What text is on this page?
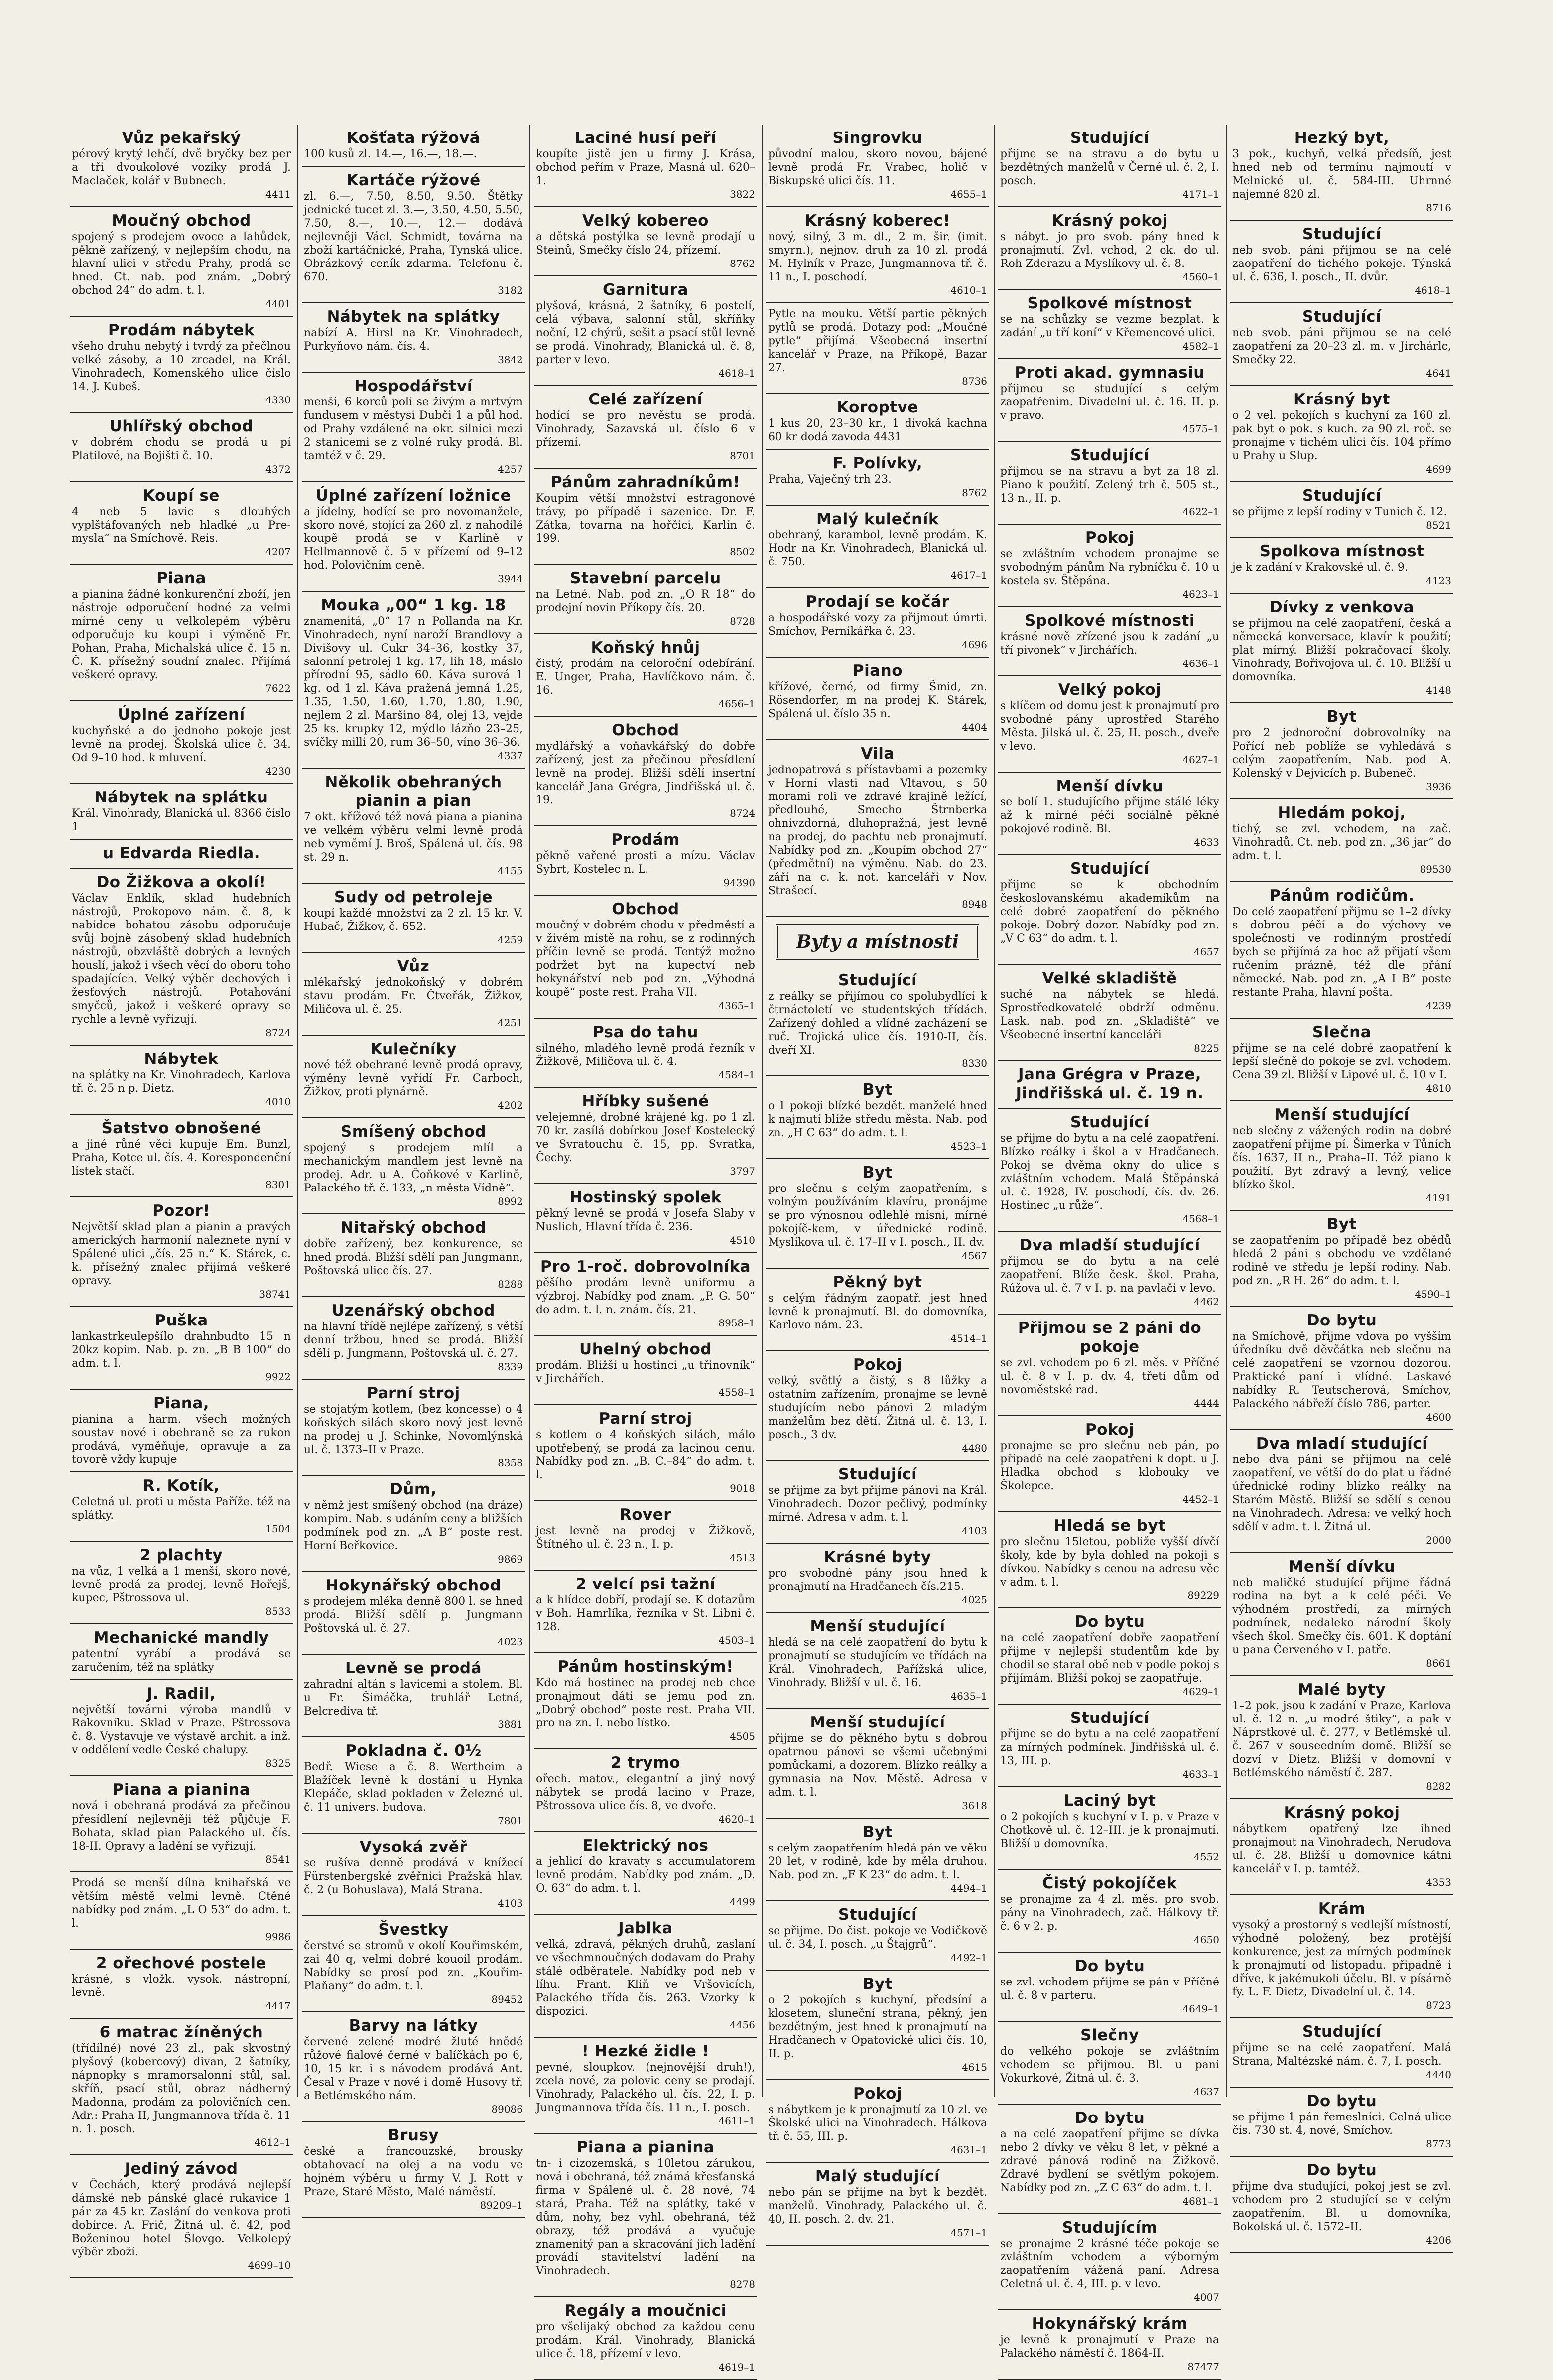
Vůz pekařský
pérový krytý lehčí, dvě bryčky bez per a tři dvoukolové vozíky prodá J. Maclaček, kolář v Bubnech.
4411
Moučný obchod
spojený s prodejem ovoce a lahůdek, pěkně zařízený, v nejlepším chodu, na hlavní ulici v středu Prahy, prodá se hned. Ct. nab. pod znám. „Dobrý obchod 24“ do adm. t. l.
4401
Prodám nábytek
všeho druhu nebytý i tvrdý za přečlnou velké zásoby, a 10 zrcadel, na Král. Vinohradech, Komenského ulice číslo 14. J. Kubeš.
4330
Uhlířský obchod
v dobrém chodu se prodá u pí Platilové, na Bojišti č. 10.
4372
Koupí se
4 neb 5 lavic s dlouhých vyplštáfovaných neb hladké „u Pre-mysla“ na Smíchově. Reis.
4207
Piana
a pianina žádné konkurenční zboží, jen nástroje odporučení hodné za velmi mírné ceny u velkolepém výběru odporučuje ku koupi i výměně Fr. Pohan, Praha, Michalská ulice č. 15 n. Č. K. přísežný soudní znalec. Přijímá veškeré opravy.
7622
Úplné zařízení
kuchyňské a do jednoho pokoje jest levně na prodej. Školská ulice č. 34. Od 9–10 hod. k mluvení.
4230
Nábytek na splátku
Král. Vinohrady, Blanická ul. 8366 číslo 1
u Edvarda Riedla.
Do Žižkova a okolí!
Václav Enklík, sklad hudebních nástrojů, Prokopovo nám. č. 8, k nabídce bohatou zásobu odporučuje svůj bojně zásobený sklad hudebních nástrojů, obzvláště dobrých a levných houslí, jakož i všech věcí do oboru toho spadajících. Velký výběr dechových i žesťových nástrojů. Potahování smyčců, jakož i veškeré opravy se rychle a levně vyřizují.
8724
Nábytek
na splátky na Kr. Vinohradech, Karlova tř. č. 25 n p. Dietz.
4010
Šatstvo obnošené
a jiné růné věci kupuje Em. Bunzl, Praha, Kotce ul. čís. 4. Korespondenční lístek stačí.
8301
Pozor!
Největší sklad plan a pianin a pravých amerických harmonií naleznete nyní v Spálené ulici „čís. 25 n.“ K. Stárek, c. k. přísežný znalec přijímá veškeré opravy.
38741
Puška
lankastrkeulepšílo drahnbudto 15 n 20kz kopim. Nab. p. zn. „B B 100“ do adm. t. l.
9922
Piana,
pianina a harm. všech možných soustav nové i obehraně se za rukon prodává, vyměňuje, opravuje a za tovorě vždy kupuje
R. Kotík,
Celetná ul. proti u města Paříže. též na splátky.
1504
2 plachty
na vůz, 1 velká a 1 menší, skoro nové, levně prodá za prodej, levně Hořejš, kupec, Pštrossova ul.
8533
Mechanické mandly
patentní vyrábí a prodává se zaručením, též na splátky
J. Radil,
největší továrni výroba mandlů v Rakovníku. Sklad v Praze. Pštrossova č. 8. Vystavuje ve výstavě archit. a inž. v oddělení vedle České chalupy.
8325
Piana a pianina
nová i obehraná prodává za přečinou přesídlení nejlevněji též půjčuje F. Bohata, sklad pian Palackého ul. čís. 18-II. Opravy a ladění se vyřizují.
8541
Prodá se menší dílna knihařská ve větším městě velmi levně. Ctěné nabídky pod znám. „L O 53“ do adm. t. l.
9986
2 ořechové postele
krásné, s vložk. vysok. nástropní, levně.
4417
6 matrac žíněných
(třídílné) nové 23 zl., pak skvostný plyšový (kobercový) divan, 2 šatníky, nápnopky s mramorsalonní stůl, sal. skříň, psací stůl, obraz nádherný Madonna, prodám za polovičních cen. Adr.: Praha II, Jungmannova třída č. 11 n. 1. posch.
4612–1
Jediný závod
v Čechách, který prodává nejlepší dámské neb pánské glacé rukavice 1 pár za 45 kr. Zaslání do venkova proti dobírce. A. Frič, Žitná ul. č. 42, pod Boženinou hotel Šlovgo. Velkolepý výběr zboží.
4699–10
Košťata rýžová
100 kusů zl. 14.—, 16.—, 18.—.
Kartáče rýžové
zl. 6.—, 7.50, 8.50, 9.50. Štětky jednické tucet zl. 3.—, 3.50, 4.50, 5.50, 7.50, 8.—, 10.—, 12.— dodává nejlevněji Václ. Schmidt, továrna na zboží kartáčnické, Praha, Tynská ulice. Obrázkový ceník zdarma. Telefonu č. 670.
3182
Nábytek na splátky
nabízí A. Hirsl na Kr. Vinohradech, Purkyňovo nám. čís. 4.
3842
Hospodářství
menší, 6 korců polí se živým a mrtvým fundusem v městysi Dubči 1 a půl hod. od Prahy vzdálené na okr. silnici mezi 2 stanicemi se z volné ruky prodá. Bl. tamtéž v č. 29.
4257
Úplné zařízení ložnice
a jídelny, hodící se pro novomanžele, skoro nové, stojící za 260 zl. z nahodilé koupě prodá se v Karlíně v Hellmannově č. 5 v přízemí od 9–12 hod. Polovičním ceně.
3944
Mouka „00“ 1 kg. 18
znamenitá, „0“ 17 n Pollanda na Kr. Vinohradech, nyní naroží Brandlovy a Divišovy ul. Cukr 34–36, kostky 37, salonní petrolej 1 kg. 17, lih 18, máslo přírodní 95, sádlo 60. Káva surová 1 kg. od 1 zl. Káva pražená jemná 1.25, 1.35, 1.50, 1.60, 1.70, 1.80, 1.90, nejlem 2 zl. Maršino 84, olej 13, vejde 25 ks. krupky 12, mýdlo lázňo 23–25, svíčky milli 20, rum 36–50, víno 36–36.
4337
Několik obehraných pianin a pian
7 okt. křížové též nová piana a pianina ve velkém výběru velmi levně prodá neb vyměmí J. Broš, Spálená ul. čís. 98 st. 29 n.
4155
Sudy od petroleje
koupí každé množství za 2 zl. 15 kr. V. Hubač, Žižkov, č. 652.
4259
Vůz
mlékařský jednokoňský v dobrém stavu prodám. Fr. Čtveřák, Žižkov, Miličova ul. č. 25.
4251
Kulečníky
nové též obehrané levně prodá opravy, výměny levně vyřídí Fr. Carboch, Žižkov, proti plynárně.
4202
Smíšený obchod
spojený s prodejem mlíl a mechanickým mandlem jest levně na prodej. Adr. u A. Čoňkové v Karlině, Palackého tř. č. 133, „n města Vídně“.
8992
Nitařský obchod
dobře zařízený, bez konkurence, se hned prodá. Bližší sdělí pan Jungmann, Poštovská ulice čís. 27.
8288
Uzenářský obchod
na hlavní třídě nejlépe zařízený, s větší denní tržbou, hned se prodá. Bližší sdělí p. Jungmann, Poštovská ul. č. 27.
8339
Parní stroj
se stojatým kotlem, (bez koncesse) o 4 koňských silách skoro nový jest levně na prodej u J. Schinke, Novomlýnská ul. č. 1373–II v Praze.
8358
Dům,
v němž jest smíšený obchod (na dráze) kompim. Nab. s udáním ceny a bližších podmínek pod zn. „A B“ poste rest. Horní Beřkovice.
9869
Hokynářský obchod
s prodejem mléka denně 800 l. se hned prodá. Bližší sdělí p. Jungmann Poštovská ul. č. 27.
4023
Levně se prodá
zahradní altán s lavicemi a stolem. Bl. u Fr. Šimáčka, truhlář Letná, Belcrediva tř.
3881
Pokladna č. 0½
Bedř. Wiese a č. 8. Wertheim a Blažíček levně k dostání u Hynka Klepáče, sklad pokladen v Železné ul. č. 11 univers. budova.
7801
Vysoká zvěř
se rušíva denně prodává v knížecí Fürstenbergské zvěřnici Pražská hlav. č. 2 (u Bohuslava), Malá Strana.
4103
Švestky
čerstvé se stromů v okolí Kouřimském, zai 40 q, velmi dobré kouoil prodám. Nabídky se prosí pod zn. „Kouřim-Plaňany“ do adm. t. l.
89452
Barvy na látky
červené zelené modré žluté hnědé růžové fialové černé v balíčkách po 6, 10, 15 kr. i s návodem prodává Ant. Česal v Praze v nové i domě Husovy tř. a Betlémského nám.
89086
Brusy
české a francouzské, brousky obtahovací na olej a na vodu ve hojném výběru u firmy V. J. Rott v Praze, Staré Město, Malé náměstí.
89209–1
Laciné husí peří
koupíte jistě jen u firmy J. Krása, obchod peřím v Praze, Masná ul. 620–1.
3822
Velký kobereo
a dětská postýlka se levně prodají u Steinů, Smečky číslo 24, přízemí.
8762
Garnitura
plyšová, krásná, 2 šatníky, 6 postelí, celá výbava, salonní stůl, skříňky noční, 12 chýrů, sešit a psací stůl levně se prodá. Vinohrady, Blanická ul. č. 8, parter v levo.
4618–1
Celé zařízení
hodící se pro nevěstu se prodá. Vinohrady, Sazavská ul. číslo 6 v přízemí.
8701
Pánům zahradníkům!
Koupím větší množství estragonové trávy, po případě i sazenice. Dr. F. Zátka, tovarna na hořčici, Karlín č. 199.
8502
Stavební parcelu
na Letné. Nab. pod zn. „O R 18“ do prodejní novin Příkopy čís. 20.
8728
Koňský hnůj
čistý, prodám na celoroční odebírání. E. Unger, Praha, Havlíčkovo nám. č. 16.
4656–1
Obchod
mydlářský a voňavkářský do dobře zařízený, jest za přečinou přesídlení levně na prodej. Bližší sdělí insertní kancelář Jana Grégra, Jindřišská ul. č. 19.
8724
Prodám
pěkně vařené prosti a mízu. Václav Sybrt, Kostelec n. L.
94390
Obchod
moučný v dobrém chodu v předměstí a v živém místě na rohu, se z rodinných příčin levně se prodá. Tentýž možno podržet byt na kupectví neb hokynářství neb pod zn. „Výhodná koupě“ poste rest. Praha VII.
4365–1
Psa do tahu
silného, mladého levně prodá řezník v Žižkově, Miličova ul. č. 4.
4584–1
Hříbky sušené
velejemné, drobné krájené kg. po 1 zl. 70 kr. zasílá dobírkou Josef Kostelecký ve Svratouchu č. 15, pp. Svratka, Čechy.
3797
Hostinský spolek
pěkný levně se prodá v Josefa Slaby v Nuslich, Hlavní třída č. 236.
4510
Pro 1-roč. dobrovolníka
pěšího prodám levně uniformu a výzbroj. Nabídky pod znam. „P. G. 50“ do adm. t. l. n. znám. čís. 21.
8958–1
Uhelný obchod
prodám. Bližší u hostinci „u třinovník“ v Jirchářích.
4558–1
Parní stroj
s kotlem o 4 koňských silách, málo upotřebený, se prodá za lacinou cenu. Nabídky pod zn. „B. C.–84“ do adm. t. l.
9018
Rover
jest levně na prodej v Žižkově, Štítného ul. č. 23 n., I. p.
4513
2 velcí psi tažní
a k hlídce dobří, prodají se. K dotazům v Boh. Hamrlíka, řezníka v St. Libni č. 128.
4503–1
Pánům hostinským!
Kdo má hostinec na prodej neb chce pronajmout dáti se jemu pod zn. „Dobrý obchod“ poste rest. Praha VII. pro na zn. I. nebo lístko.
4505
2 trymo
ořech. matov., elegantní a jiný nový nábytek se prodá lacino v Praze, Pštrossova ulice čís. 8, ve dvoře.
4620–1
Elektrický nos
a jehlicí do kravaty s accumulatorem levně prodám. Nabídky pod znám. „D. O. 63“ do adm. t. l.
4499
Jablka
velká, zdravá, pěkných druhů, zaslaní ve všechmnoučných dodavam do Prahy stálé odběratele. Nabídky pod neb v líhu. Frant. Kliň ve Vršovicích, Palackého třída čís. 263. Vzorky k dispozici.
4456
! Hezké židle !
pevné, sloupkov. (nejnovější druh!), zcela nové, za polovic ceny se prodají. Vinohrady, Palackého ul. čís. 22, I. p. Jungmannova třída čís. 11 n., I. posch.
4611–1
Piana a pianina
tn- i cizozemská, s 10letou zárukou, nová i obehraná, též známá křesťanská firma v Spálené ul. č. 28 nové, 74 stará, Praha. Též na splátky, také v dům, nohy, bez vyhl. obehraná, též obrazy, též prodává a vyučuje znamenitý pan a skracování jich ladění provádí stavitelství ladění na Vinohradech.
8278
Regály a moučnici
pro všelijaký obchod za každou cenu prodám. Král. Vinohrady, Blanická ulice č. 18, přízemí v levo.
4619–1
Singrovku
původní malou, skoro novou, bájené levně prodá Fr. Vrabec, holič v Biskupské ulici čís. 11.
4655–1
Krásný koberec!
nový, silný, 3 m. dl., 2 m. šir. (imit. smyrn.), nejnov. druh za 10 zl. prodá M. Hylník v Praze, Jungmannova tř. č. 11 n., I. poschodí.
4610–1
Pytle na mouku. Větší partie pěkných pytlů se prodá. Dotazy pod: „Moučné pytle“ přijímá Všeobecná insertní kancelář v Praze, na Příkopě, Bazar 27.
8736
Koroptve
1 kus 20, 23–30 kr., 1 divoká kachna 60 kr dodá zavoda 4431
F. Polívky,
Praha, Vaječný trh 23.
8762
Malý kulečník
obehraný, karambol, levně prodám. K. Hodr na Kr. Vinohradech, Blanická ul. č. 750.
4617–1
Prodají se kočár
a hospodářské vozy za přijmout úmrti. Smíchov, Pernikářka č. 23.
4696
Piano
křížové, černé, od firmy Šmid, zn. Rösendorfer, m na prodej K. Stárek, Spálená ul. číslo 35 n.
4404
Vila
jednopatrová s přístavbami a pozemky v Horní vlasti nad Vltavou, s 50 morami roli ve zdravé krajině ležící, předlouhé, Smecho Štrnberka ohnivzdorná, dluhopražná, jest levně na prodej, do pachtu neb pronajmutí. Nabídky pod zn. „Koupím obchod 27“ (předmětní) na výměnu. Nab. do 23. září na c. k. not. kanceláři v Nov. Strašecí.
8948
Byty a místnosti
Studující
z reálky se přijímou co spolubydlící k čtrnáctoletí ve studentských třídách. Zařízený dohled a vlídné zacházení se ruč. Trojická ulice čís. 1910-II, čís. dveří XI.
8330
Byt
o 1 pokoji blízké bezdět. manželé hned k najmutí blíže středu města. Nab. pod zn. „H C 63“ do adm. t. l.
4523–1
Byt
pro slečnu s celým zaopatřením, s volným používáním klavíru, pronájme se pro výnosnou odlehlé mísni, mírné pokojíč-kem, v úřednické rodině. Myslíkova ul. č. 17–II v I. posch., II. dv.
4567
Pěkný byt
s celým řádným zaopatř. jest hned levně k pronajmutí. Bl. do domovníka, Karlovo nám. 23.
4514–1
Pokoj
velký, světlý a čistý, s 8 lůžky a ostatním zařízením, pronajme se levně studujícím nebo pánovi 2 mladým manželům bez dětí. Žitná ul. č. 13, I. posch., 3 dv.
4480
Studující
se přijme za byt přijme pánovi na Král. Vinohradech. Dozor pečlivý, podmínky mírné. Adresa v adm. t. l.
4103
Krásné byty
pro svobodné pány jsou hned k pronajmutí na Hradčanech čís.215.
4025
Menší studující
hledá se na celé zaopatření do bytu k pronajmutí se studujícím ve třídách na Král. Vinohradech, Pařížská ulice, Vinohrady. Bližší v ul. č. 16.
4635–1
Menší studující
přijme se do pěkného bytu s dobrou opatrnou pánovi se všemi učebnými pomůckami, a dozorem. Blízko reálky a gymnasia na Nov. Městě. Adresa v adm. t. l.
3618
Byt
s celým zaopatřením hledá pán ve věku 20 let, v rodině, kde by měla druhou. Nab. pod zn. „F K 23“ do adm. t. l.
4494–1
Studující
se přijme. Do čist. pokoje ve Vodičkově ul. č. 34, I. posch. „u Štajgrů“.
4492–1
Byt
o 2 pokojích s kuchyní, předsíní a klosetem, sluneční strana, pěkný, jen bezdětným, jest hned k pronajmutí na Hradčanech v Opatovické ulici čís. 10, II. p.
4615
Pokoj
s nábytkem je k pronajmutí za 10 zl. ve Školské ulici na Vinohradech. Hálkova tř. č. 55, III. p.
4631–1
Malý studující
nebo pán se přijme na byt k bezdět. manželů. Vinohrady, Palackého ul. č. 40, II. posch. 2. dv. 21.
4571–1
Studující
přijme se na stravu a do bytu u bezdětných manželů v Černé ul. č. 2, I. posch.
4171–1
Krásný pokoj
s nábyt. jo pro svob. pány hned k pronajmutí. Zvl. vchod, 2 ok. do ul. Roh Zderazu a Myslíkovy ul. č. 8.
4560–1
Spolkové místnost
se na schůzky se vezme bezplat. k zadání „u tří koní“ v Křemencové ulici.
4582–1
Proti akad. gymnasiu
přijmou se studující s celým zaopatřením. Divadelní ul. č. 16. II. p. v pravo.
4575–1
Studující
přijmou se na stravu a byt za 18 zl. Piano k použití. Zelený trh č. 505 st., 13 n., II. p.
4622–1
Pokoj
se zvláštním vchodem pronajme se svobodným pánům Na rybníčku č. 10 u kostela sv. Štěpána.
4623–1
Spolkové místnosti
krásné nově zřízené jsou k zadání „u tří pivonek“ v Jirchářích.
4636–1
Velký pokoj
s klíčem od domu jest k pronajmutí pro svobodné pány uprostřed Starého Města. Jilská ul. č. 25, II. posch., dveře v levo.
4627–1
Menší dívku
se bolí 1. studujícího přijme stálé léky až k mírné péči sociálně pěkné pokojové rodině. Bl.
4633
Studující
přijme se k obchodním českoslovanskému akademikům na celé dobré zaopatření do pěkného pokoje. Dobrý dozor. Nabídky pod zn. „V C 63“ do adm. t. l.
4657
Velké skladiště
suché na nábytek se hledá. Sprostředkovatelé obdrží odměnu. Lask. nab. pod zn. „Skladiště“ ve Všeobecné insertní kanceláři
8225
Jana Grégra v Praze, Jindřišská ul. č. 19 n.
Studující
se přijme do bytu a na celé zaopatření. Blízko reálky i škol a v Hradčanech. Pokoj se dvěma okny do ulice s zvláštním vchodem. Malá Štěpánská ul. č. 1928, IV. poschodí, čís. dv. 26. Hostinec „u růže“.
4568–1
Dva mladší studující
přijmou se do bytu a na celé zaopatření. Blíže česk. škol. Praha, Rúžova ul. č. 7 v I. p. na pavlači v levo.
4462
Přijmou se 2 páni do pokoje
se zvl. vchodem po 6 zl. měs. v Příčné ul. č. 8 v I. p. dv. 4, třetí dům od novoměstské rad.
4444
Pokoj
pronajme se pro slečnu neb pán, po případě na celé zaopatření k dopt. u J. Hladka obchod s klobouky ve Školepce.
4452–1
Hledá se byt
pro slečnu 15letou, pobliže vyšší dívčí školy, kde by byla dohled na pokoji s dívkou. Nabídky s cenou na adresu věc v adm. t. l.
89229
Do bytu
na celé zaopatření dobře zaopatření přijme v nejlepší studentům kde by chodil se staral obě neb v podle pokoj s přijímám. Bližší pokoj se zaopatřuje.
4629–1
Studující
přijme se do bytu a na celé zaopatření za mírných podmínek. Jindřišská ul. č. 13, III. p.
4633–1
Laciný byt
o 2 pokojích s kuchyní v I. p. v Praze v Chotkově ul. č. 12–III. je k pronajmutí. Bližší u domovníka.
4552
Čistý pokojíček
se pronajme za 4 zl. měs. pro svob. pány na Vinohradech, zač. Hálkovy tř. č. 6 v 2. p.
4650
Do bytu
se zvl. vchodem přijme se pán v Příčné ul. č. 8 v parteru.
4649–1
Slečny
do velkého pokoje se zvláštním vchodem se přijmou. Bl. u pani Vokurkové, Žitná ul. č. 3.
4637
Do bytu
a na celé zaopatření přijme se dívka nebo 2 dívky ve věku 8 let, v pěkné a zdravé pánová rodině na Žižkově. Zdravé bydlení se světlým pokojem. Nabídky pod zn. „Z C 63“ do adm. t. l.
4681–1
Studujícím
se pronajme 2 krásné téče pokoje se zvláštním vchodem a výborným zaopatřením vážená paní. Adresa Celetná ul. č. 4, III. p. v levo.
4007
Hokynářský krám
je levně k pronajmutí v Praze na Palackého náměstí č. 1864-II.
87477
Hezký byt,
3 pok., kuchyň, velká předsíň, jest hned neb od termínu najmoutí v Melnické ul. č. 584-III. Uhrnné najemné 820 zl.
8716
Studující
neb svob. páni přijmou se na celé zaopatření do tichého pokoje. Týnská ul. č. 636, I. posch., II. dvůr.
4618–1
Studující
neb svob. páni přijmou se na celé zaopatření za 20–23 zl. m. v Jirchárlc, Smečky 22.
4641
Krásný byt
o 2 vel. pokojích s kuchyní za 160 zl. pak byt o pok. s kuch. za 90 zl. roč. se pronajme v tichém ulici čís. 104 přímo u Prahy u Slup.
4699
Studující
se přijme z lepší rodiny v Tunich č. 12.
8521
Spolkova místnost
je k zadání v Krakovské ul. č. 9.
4123
Dívky z venkova
se přijmou na celé zaopatření, česká a německá konversace, klavír k použití; plat mírný. Bližší pokračovací školy. Vinohrady, Bořivojova ul. č. 10. Bližší u domovníka.
4148
Byt
pro 2 jednoroční dobrovolníky na Pořící neb poblíže se vyhledává s celým zaopatřením. Nab. pod A. Kolenský v Dejvicích p. Bubeneč.
3936
Hledám pokoj,
tichý, se zvl. vchodem, na zač. Vinohradů. Ct. neb. pod zn. „36 jar“ do adm. t. l.
89530
Pánům rodičům.
Do celé zaopatření přijmu se 1–2 dívky s dobrou péčí a do výchovy ve společnosti ve rodinným prostředí bych se přijímá za hoc až přijatí všem ručením prázně, též dle přání německé. Nab. pod zn. „A I B“ poste restante Praha, hlavní pošta.
4239
Slečna
přijme se na celé dobré zaopatření k lepší slečně do pokoje se zvl. vchodem. Cena 39 zl. Bližší v Lipové ul. č. 10 v I.
4810
Menší studující
neb slečny z vážených rodin na dobré zaopatření přijme pí. Šimerka v Tůních čís. 1637, II n., Praha–II. Též piano k použití. Byt zdravý a levný, velice blízko škol.
4191
Byt
se zaopatřením po případě bez obědů hledá 2 páni s obchodu ve vzdělané rodině ve středu je lepší rodiny. Nab. pod zn. „R H. 26“ do adm. t. l.
4590–1
Do bytu
na Smíchově, přijme vdova po vyšším úředníku dvě děvčátka neb slečnu na celé zaopatření se vzornou dozorou. Praktické paní i vlídné. Laskavé nabídky R. Teutscherová, Smíchov, Palackého nábřeží číslo 786, parter.
4600
Dva mladí studující
nebo dva páni se přijmou na celé zaopatření, ve větší do do plat u řádné úřednické rodiny blízko reálky na Starém Městě. Bližší se sdělí s cenou na Vinohradech. Adresa: ve velký hoch sdělí v adm. t. l. Žitná ul.
2000
Menší dívku
neb maličké studující přijme řádná rodina na byt a k celé péči. Ve výhodném prostředí, za mírných podmínek, nedaleko národní školy všech škol. Smečky čís. 601. K doptání u pana Červeného v I. patře.
8661
Malé byty
1–2 pok. jsou k zadání v Praze, Karlova ul. č. 12 n. „u modré štiky“, a pak v Náprstkové ul. č. 277, v Betlémské ul. č. 267 v souseedním domě. Bližší se dozví v Dietz. Bližší v domovní v Betlémského náměstí č. 287.
8282
Krásný pokoj
nábytkem opatřený lze ihned pronajmout na Vinohradech, Nerudova ul. č. 28. Bližší u domovnice kátni kancelář v I. p. tamtéž.
4353
Krám
vysoký a prostorný s vedlejší místností, výhodně položený, bez protější konkurence, jest za mírných podmínek k pronajmutí od listopadu. připadně i dříve, k jakémukoli účelu. Bl. v písárně fy. L. F. Dietz, Divadelní ul. č. 14.
8723
Studující
přijme se na celé zaopatření. Malá Strana, Maltézské nám. č. 7, I. posch.
4440
Do bytu
se přijme 1 pán řemeslníci. Celná ulice čís. 730 st. 4, nové, Smíchov.
8773
Do bytu
přijme dva studující, pokoj jest se zvl. vchodem pro 2 studující se v celým zaopatřením. Bl. u domovníka, Bokolská ul. č. 1572–II.
4206
